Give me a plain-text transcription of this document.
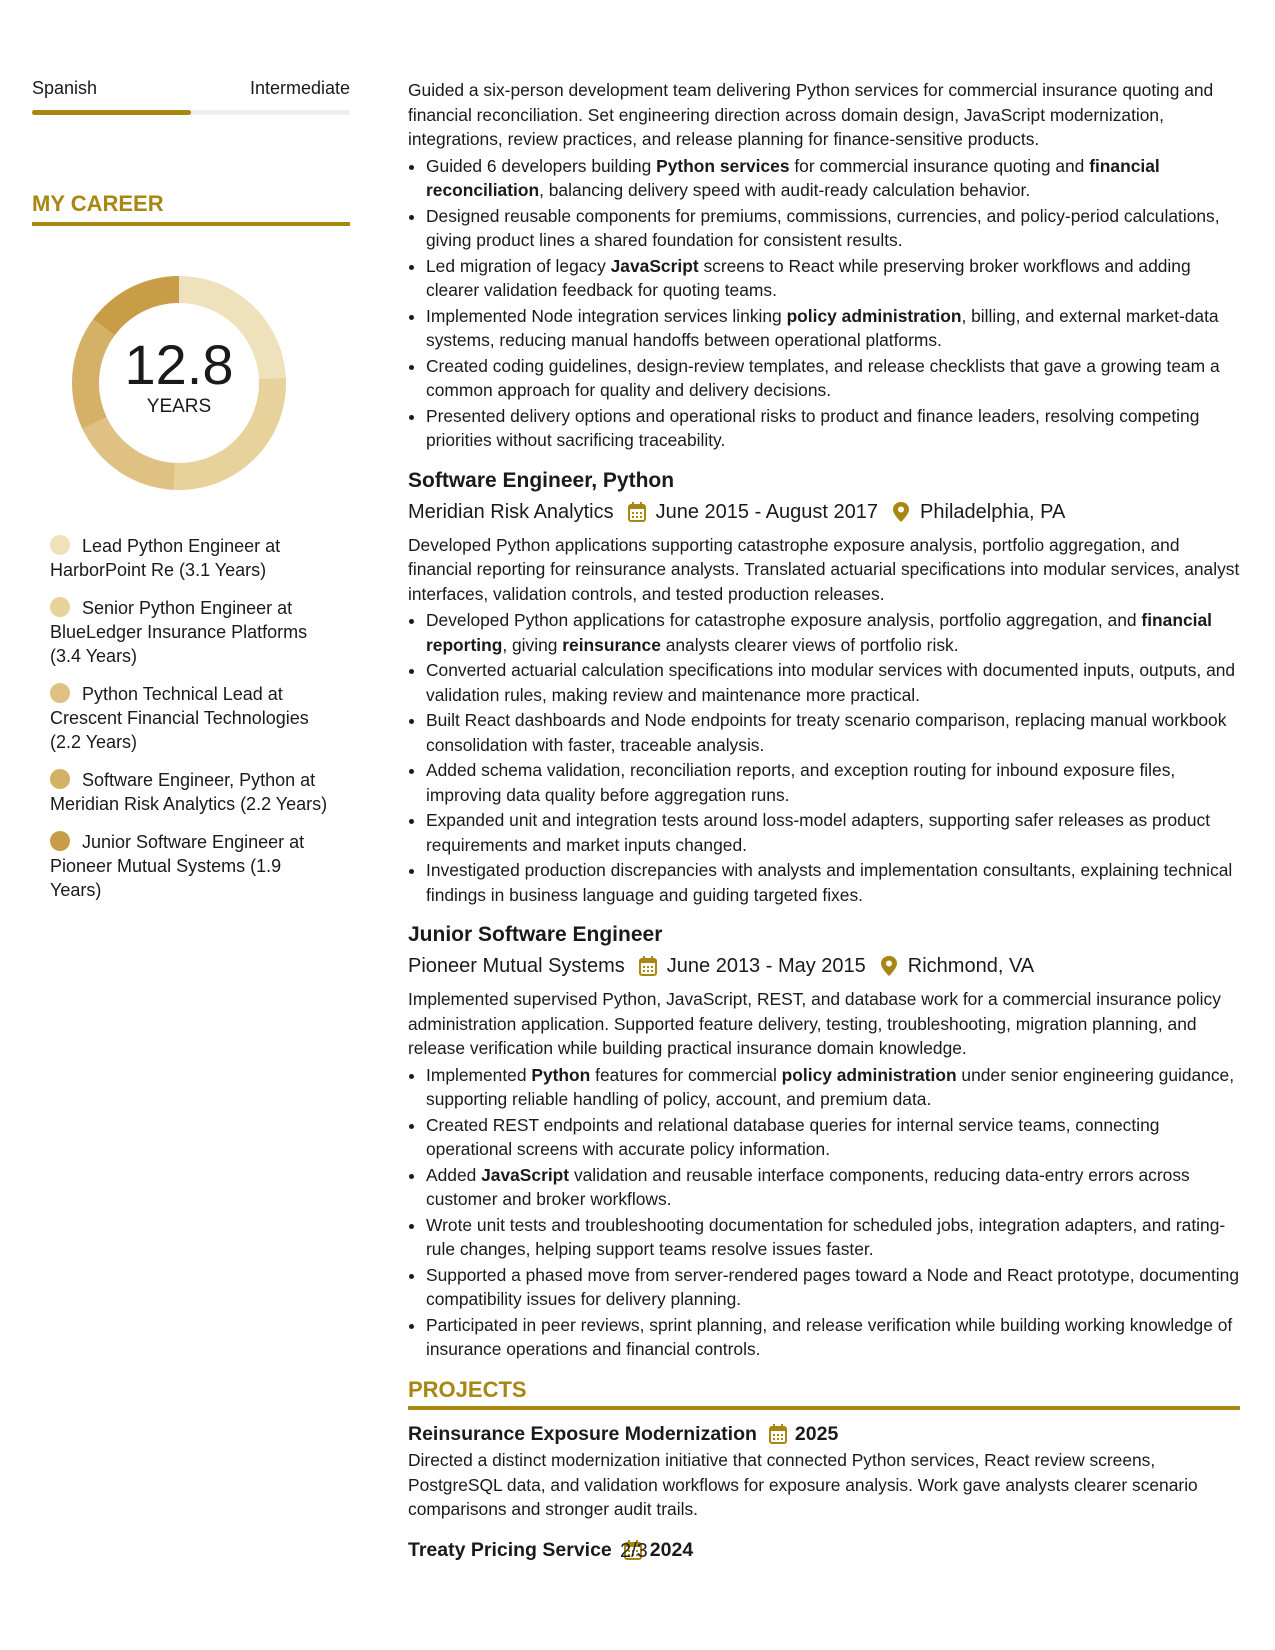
Spanish	Intermediate
MY CAREER
12.8
YEARS
Lead Python Engineer at HarborPoint Re (3.1 Years)
Senior Python Engineer at BlueLedger Insurance Platforms (3.4 Years)
Python Technical Lead at Crescent Financial Technologies (2.2 Years)
Software Engineer, Python at Meridian Risk Analytics (2.2 Years)
Junior Software Engineer at Pioneer Mutual Systems (1.9 Years)

Guided a six-person development team delivering Python services for commercial insurance quoting and financial reconciliation. Set engineering direction across domain design, JavaScript modernization, integrations, review practices, and release planning for finance-sensitive products.

• Guided 6 developers building Python services for commercial insurance quoting and financial reconciliation, balancing delivery speed with audit-ready calculation behavior.
• Designed reusable components for premiums, commissions, currencies, and policy-period calculations, giving product lines a shared foundation for consistent results.
• Led migration of legacy JavaScript screens to React while preserving broker workflows and adding clearer validation feedback for quoting teams.
• Implemented Node integration services linking policy administration, billing, and external market-data systems, reducing manual handoffs between operational platforms.
• Created coding guidelines, design-review templates, and release checklists that gave a growing team a common approach for quality and delivery decisions.
• Presented delivery options and operational risks to product and finance leaders, resolving competing priorities without sacrificing traceability.
Software Engineer, Python
Meridian Risk Analytics June 2015 - August 2017 Philadelphia, PA

Developed Python applications supporting catastrophe exposure analysis, portfolio aggregation, and financial reporting for reinsurance analysts. Translated actuarial specifications into modular services, analyst interfaces, validation controls, and tested production releases.

• Developed Python applications for catastrophe exposure analysis, portfolio aggregation, and financial reporting, giving reinsurance analysts clearer views of portfolio risk.
• Converted actuarial calculation specifications into modular services with documented inputs, outputs, and validation rules, making review and maintenance more practical.
• Built React dashboards and Node endpoints for treaty scenario comparison, replacing manual workbook consolidation with faster, traceable analysis.
• Added schema validation, reconciliation reports, and exception routing for inbound exposure files, improving data quality before aggregation runs.
• Expanded unit and integration tests around loss-model adapters, supporting safer releases as product requirements and market inputs changed.
• Investigated production discrepancies with analysts and implementation consultants, explaining technical findings in business language and guiding targeted fixes.
Junior Software Engineer
Pioneer Mutual Systems June 2013 - May 2015 Richmond, VA

Implemented supervised Python, JavaScript, REST, and database work for a commercial insurance policy administration application. Supported feature delivery, testing, troubleshooting, migration planning, and release verification while building practical insurance domain knowledge.

• Implemented Python features for commercial policy administration under senior engineering guidance, supporting reliable handling of policy, account, and premium data.
• Created REST endpoints and relational database queries for internal service teams, connecting operational screens with accurate policy information.
• Added JavaScript validation and reusable interface components, reducing data-entry errors across customer and broker workflows.
• Wrote unit tests and troubleshooting documentation for scheduled jobs, integration adapters, and rating-rule changes, helping support teams resolve issues faster.
• Supported a phased move from server-rendered pages toward a Node and React prototype, documenting compatibility issues for delivery planning.
• Participated in peer reviews, sprint planning, and release verification while building working knowledge of insurance operations and financial controls.
PROJECTS
Reinsurance Exposure Modernization 2025

Directed a distinct modernization initiative that connected Python services, React review screens, PostgreSQL data, and validation workflows for exposure analysis. Work gave analysts clearer scenario comparisons and stronger audit trails.

Treaty Pricing Service 2024
2/3
